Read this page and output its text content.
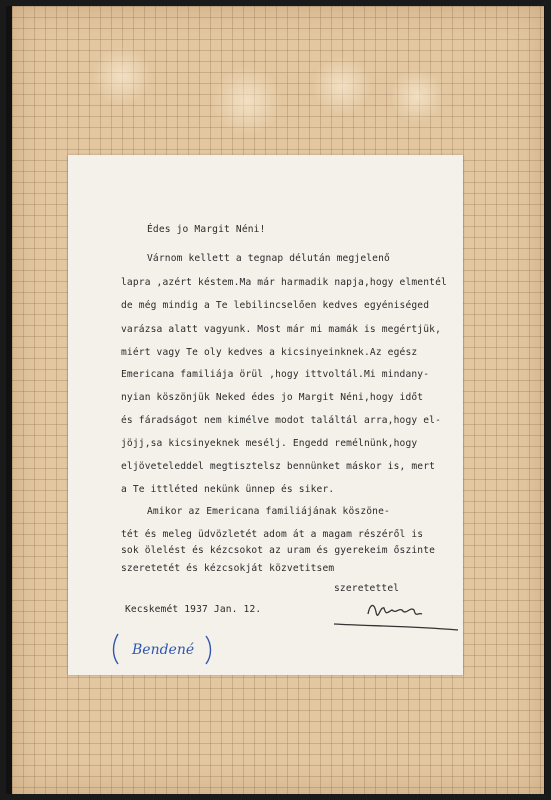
Édes jo Margit Néni!
Várnom kellett a tegnap délután megjelenő
lapra ,azért késtem.Ma már harmadik napja,hogy elmentél
de még mindig a Te lebilincselően kedves egyéniséged
varázsa alatt vagyunk. Most már mi mamák is megértjük,
miért vagy Te oly kedves a kicsinyeinknek.Az egész
Emericana familiája örül ,hogy ittvoltál.Mi mindany-
nyian köszönjük Neked édes jo Margit Néni,hogy időt
és fáradságot nem kimélve modot találtál arra,hogy el-
jöjj,sa kicsinyeknek mesélj. Engedd remélnünk,hogy
eljöveteleddel megtisztelsz bennünket máskor is, mert
a Te ittléted nekünk ünnep és siker.
Amikor az Emericana familiájának köszöne-
tét és meleg üdvözletét adom át a magam részéről is
sok ölelést és kézcsokot az uram és gyerekeim őszinte
szeretetét és kézcsokját közvetitsem
szeretettel
Kecskemét 1937 Jan. 12.
Bendené
